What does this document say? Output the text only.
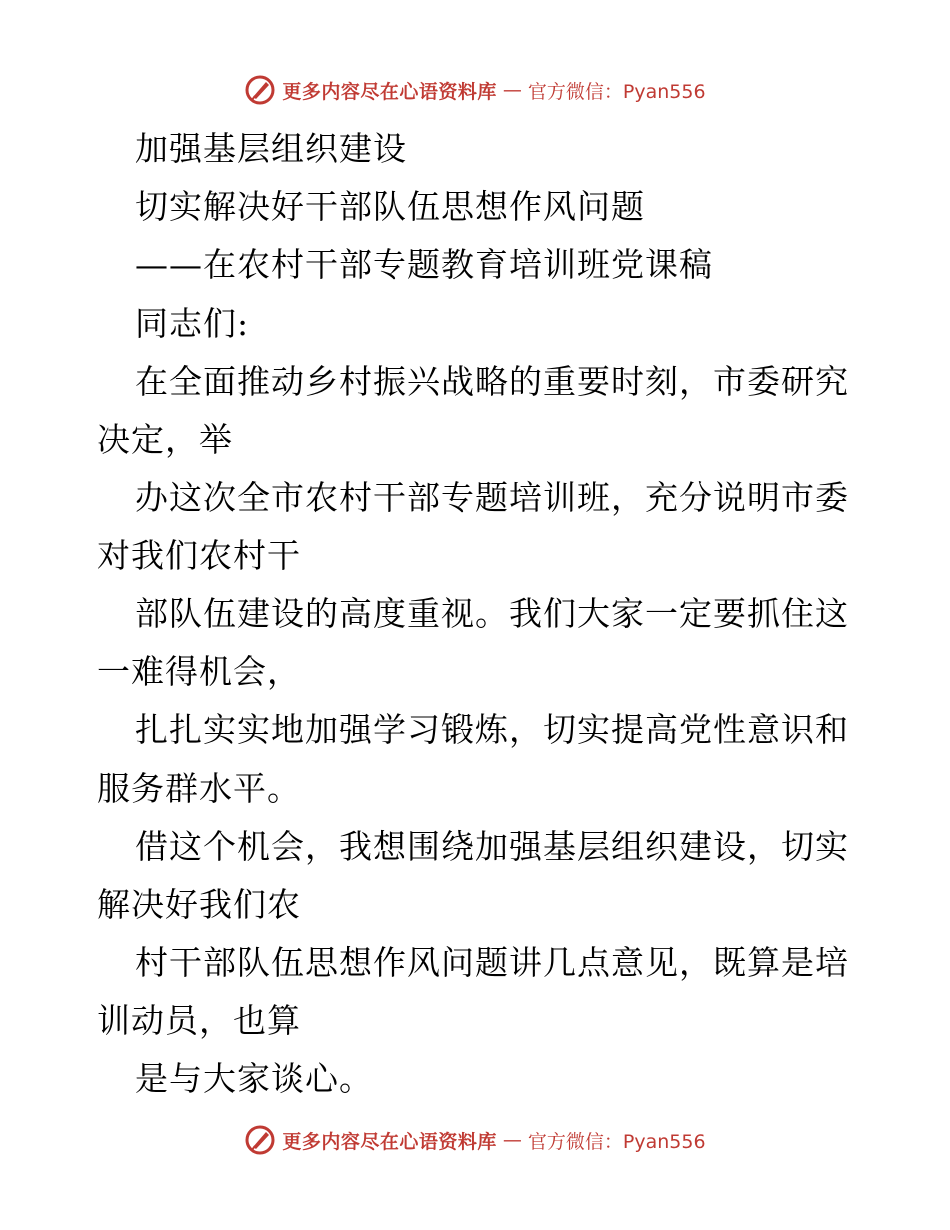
更多内容尽在心语资料库 — 官方微信：Pyan556
加强基层组织建设
切实解决好干部队伍思想作风问题
——在农村干部专题教育培训班党课稿
同志们:
在全面推动乡村振兴战略的重要时刻，市委研究
决定，举
办这次全市农村干部专题培训班，充分说明市委
对我们农村干
部队伍建设的高度重视。我们大家一定要抓住这
一难得机会，
扎扎实实地加强学习锻炼，切实提高党性意识和
服务群水平。
借这个机会，我想围绕加强基层组织建设，切实
解决好我们农
村干部队伍思想作风问题讲几点意见，既算是培
训动员，也算
是与大家谈心。
更多内容尽在心语资料库 — 官方微信：Pyan556
